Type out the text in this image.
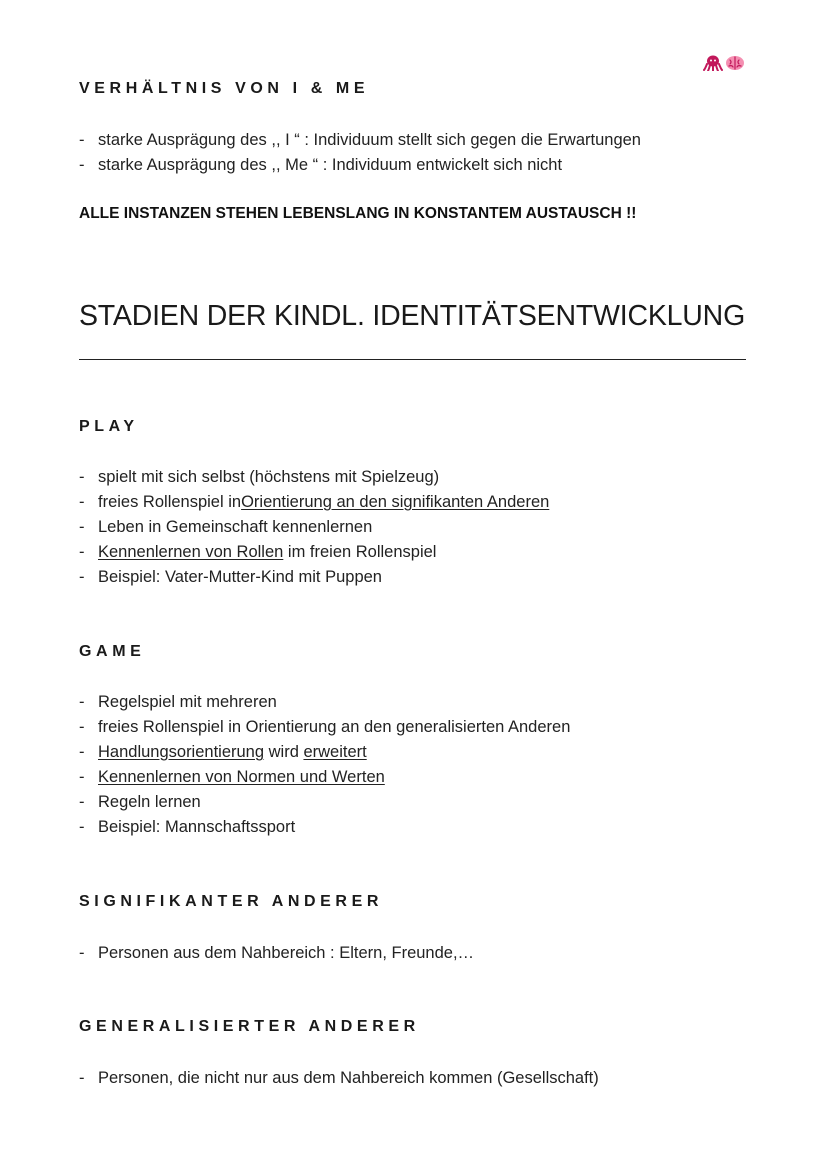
VERHÄLTNIS VON I & ME
- starke Ausprägung des ,, I “ : Individuum stellt sich gegen die Erwartungen
- starke Ausprägung des ,, Me “ : Individuum entwickelt sich nicht

ALLE INSTANZEN STEHEN LEBENSLANG IN KONSTANTEM AUSTAUSCH !!

STADIEN DER KINDL. IDENTITÄTSENTWICKLUNG
PLAY
- spielt mit sich selbst (höchstens mit Spielzeug)
- freies Rollenspiel in Orientierung an den signifikanten Anderen
- Leben in Gemeinschaft kennenlernen
- Kennenlernen von Rollen im freien Rollenspiel
- Beispiel: Vater-Mutter-Kind mit Puppen
GAME
- Regelspiel mit mehreren
- freies Rollenspiel in Orientierung an den generalisierten Anderen
- Handlungsorientierung wird erweitert
- Kennenlernen von Normen und Werten
- Regeln lernen
- Beispiel: Mannschaftssport
SIGNIFIKANTER ANDERER
- Personen aus dem Nahbereich : Eltern, Freunde,…
GENERALISIERTER ANDERER
- Personen, die nicht nur aus dem Nahbereich kommen (Gesellschaft)
